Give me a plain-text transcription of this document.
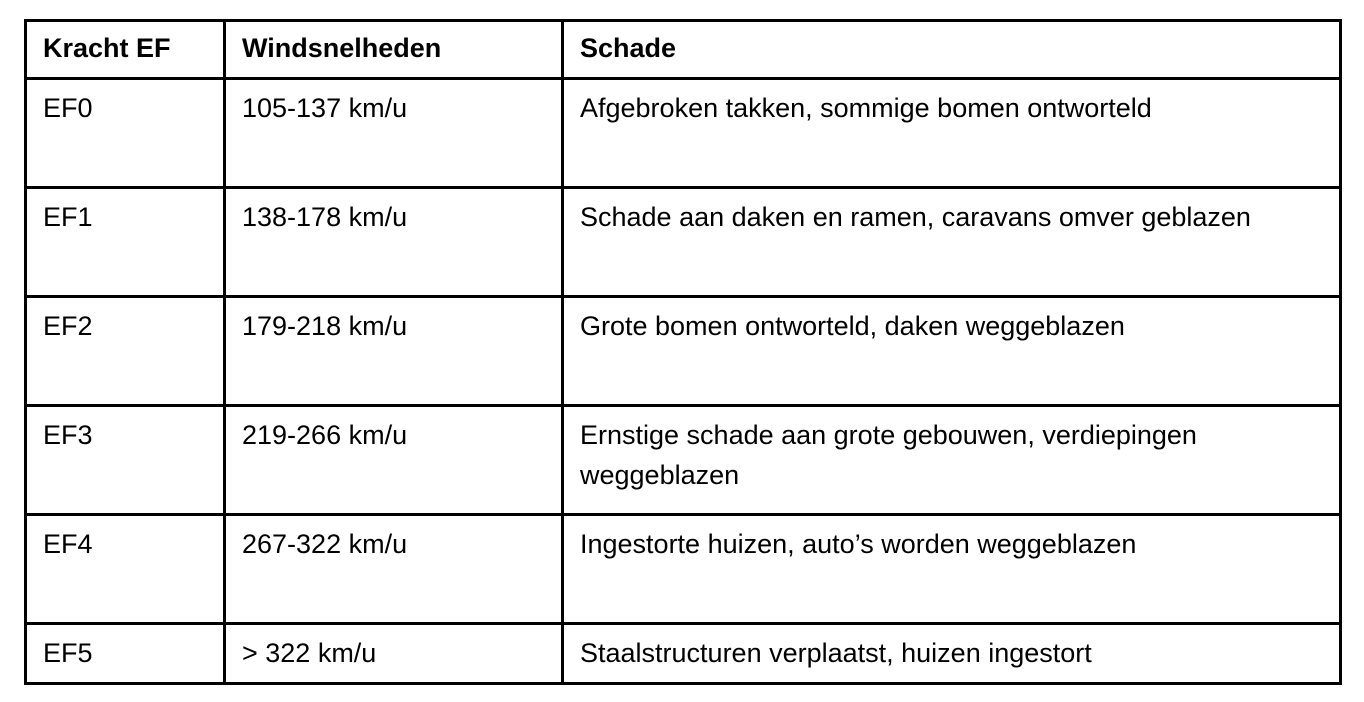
Kracht EF	Windsnelheden	Schade
EF0	105-137 km/u	Afgebroken takken, sommige bomen ontworteld
EF1	138-178 km/u	Schade aan daken en ramen, caravans omver geblazen
EF2	179-218 km/u	Grote bomen ontworteld, daken weggeblazen
EF3	219-266 km/u	Ernstige schade aan grote gebouwen, verdiepingen weggeblazen
EF4	267-322 km/u	Ingestorte huizen, auto’s worden weggeblazen
EF5	> 322 km/u	Staalstructuren verplaatst, huizen ingestort
